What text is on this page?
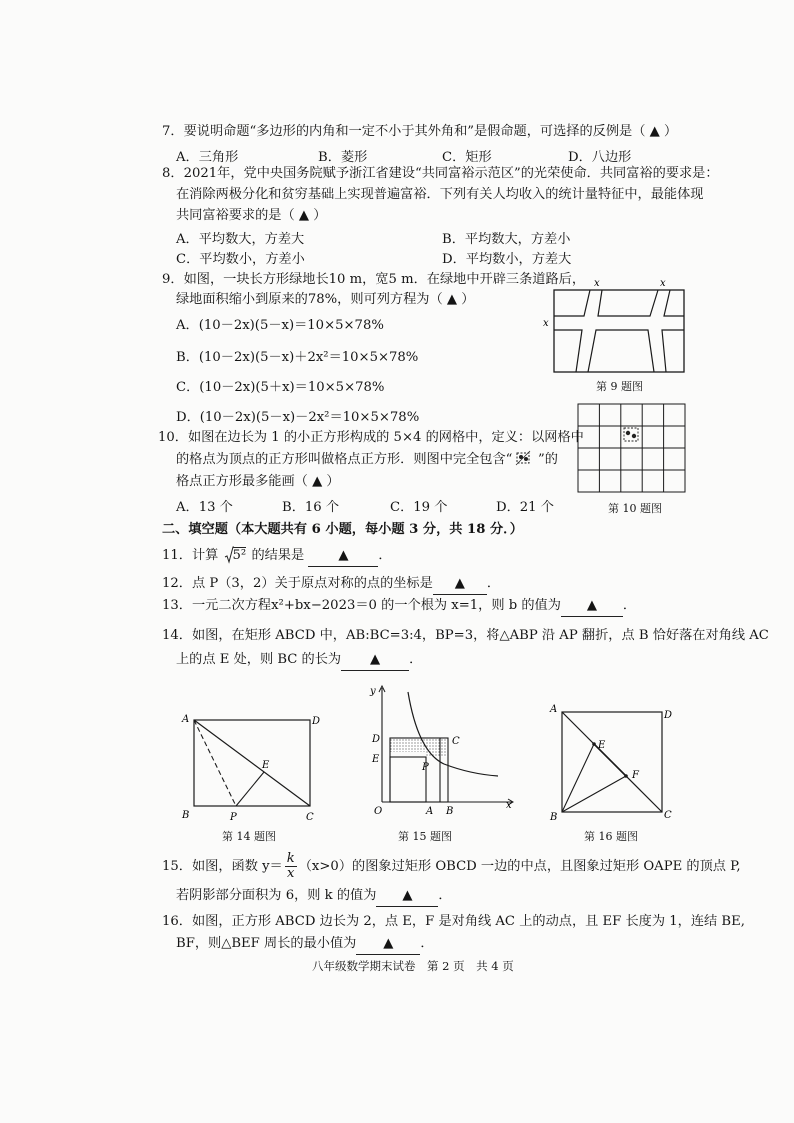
7．要说明命题“多边形的内角和一定不小于其外角和”是假命题，可选择的反例是（ ▲ ）
A．三角形	B．菱形	C．矩形	D．八边形
8．2021年，党中央国务院赋予浙江省建设“共同富裕示范区”的光荣使命．共同富裕的要求是：
在消除两极分化和贫穷基础上实现普遍富裕．下列有关人均收入的统计量特征中，最能体现
共同富裕要求的是（ ▲ ）
A．平均数大，方差大	B．平均数大，方差小
C．平均数小，方差小	D．平均数小，方差大
9．如图，一块长方形绿地长10 m，宽5 m．在绿地中开辟三条道路后，
绿地面积缩小到原来的78%，则可列方程为（ ▲ ）
A．(10－2x)(5－x)＝10×5×78%
B．(10－2x)(5－x)＋2x²＝10×5×78%
C．(10－2x)(5＋x)＝10×5×78%
D．(10－2x)(5－x)－2x²＝10×5×78%
x	x
x
第 9 题图
10．如图在边长为 1 的小正方形构成的 5×4 的网格中，定义：以网格中
的格点为顶点的正方形叫做格点正方形．则图中完全包含“ ”的
格点正方形最多能画（ ▲ ）
A．13 个	B．16 个	C．19 个	D．21 个	第 10 题图
二、填空题（本大题共有 6 小题，每小题 3 分，共 18 分．）
11．计算 5² 的结果是	▲ ．
12．点 P（3，2）关于原点对称的点的坐标是 ▲ ．
13．一元二次方程x²+bx−2023＝0 的一个根为 x=1，则 b 的值为 ▲ ．
14．如图，在矩形 ABCD 中，AB:BC=3:4，BP=3，将△ABP 沿 AP 翻折，点 B 恰好落在对角线 AC
上的点 E 处，则 BC 的长为 ▲ ．
A	D
E
B	P	C
第 14 题图
y
D	C
E
P
O	A B
x
第 15 题图
A
D
E
F
B	C
第 16 题图
15．如图，函数 $y= \frac{k}{x} (x>0)$的图象过矩形 OBCD 一边的中点，且图象过矩形 OAPE 的顶点 P,
若阴影部分面积为 6，则 k 的值为 ▲ ．
16．如图，正方形 ABCD 边长为 2，点 E，F 是对角线 AC 上的动点，且 EF 长度为 1，连结 BE,
BF，则△BEF 周长的最小值为 ▲ ．
八年级数学期末试卷　第 2 页　共 4 页
